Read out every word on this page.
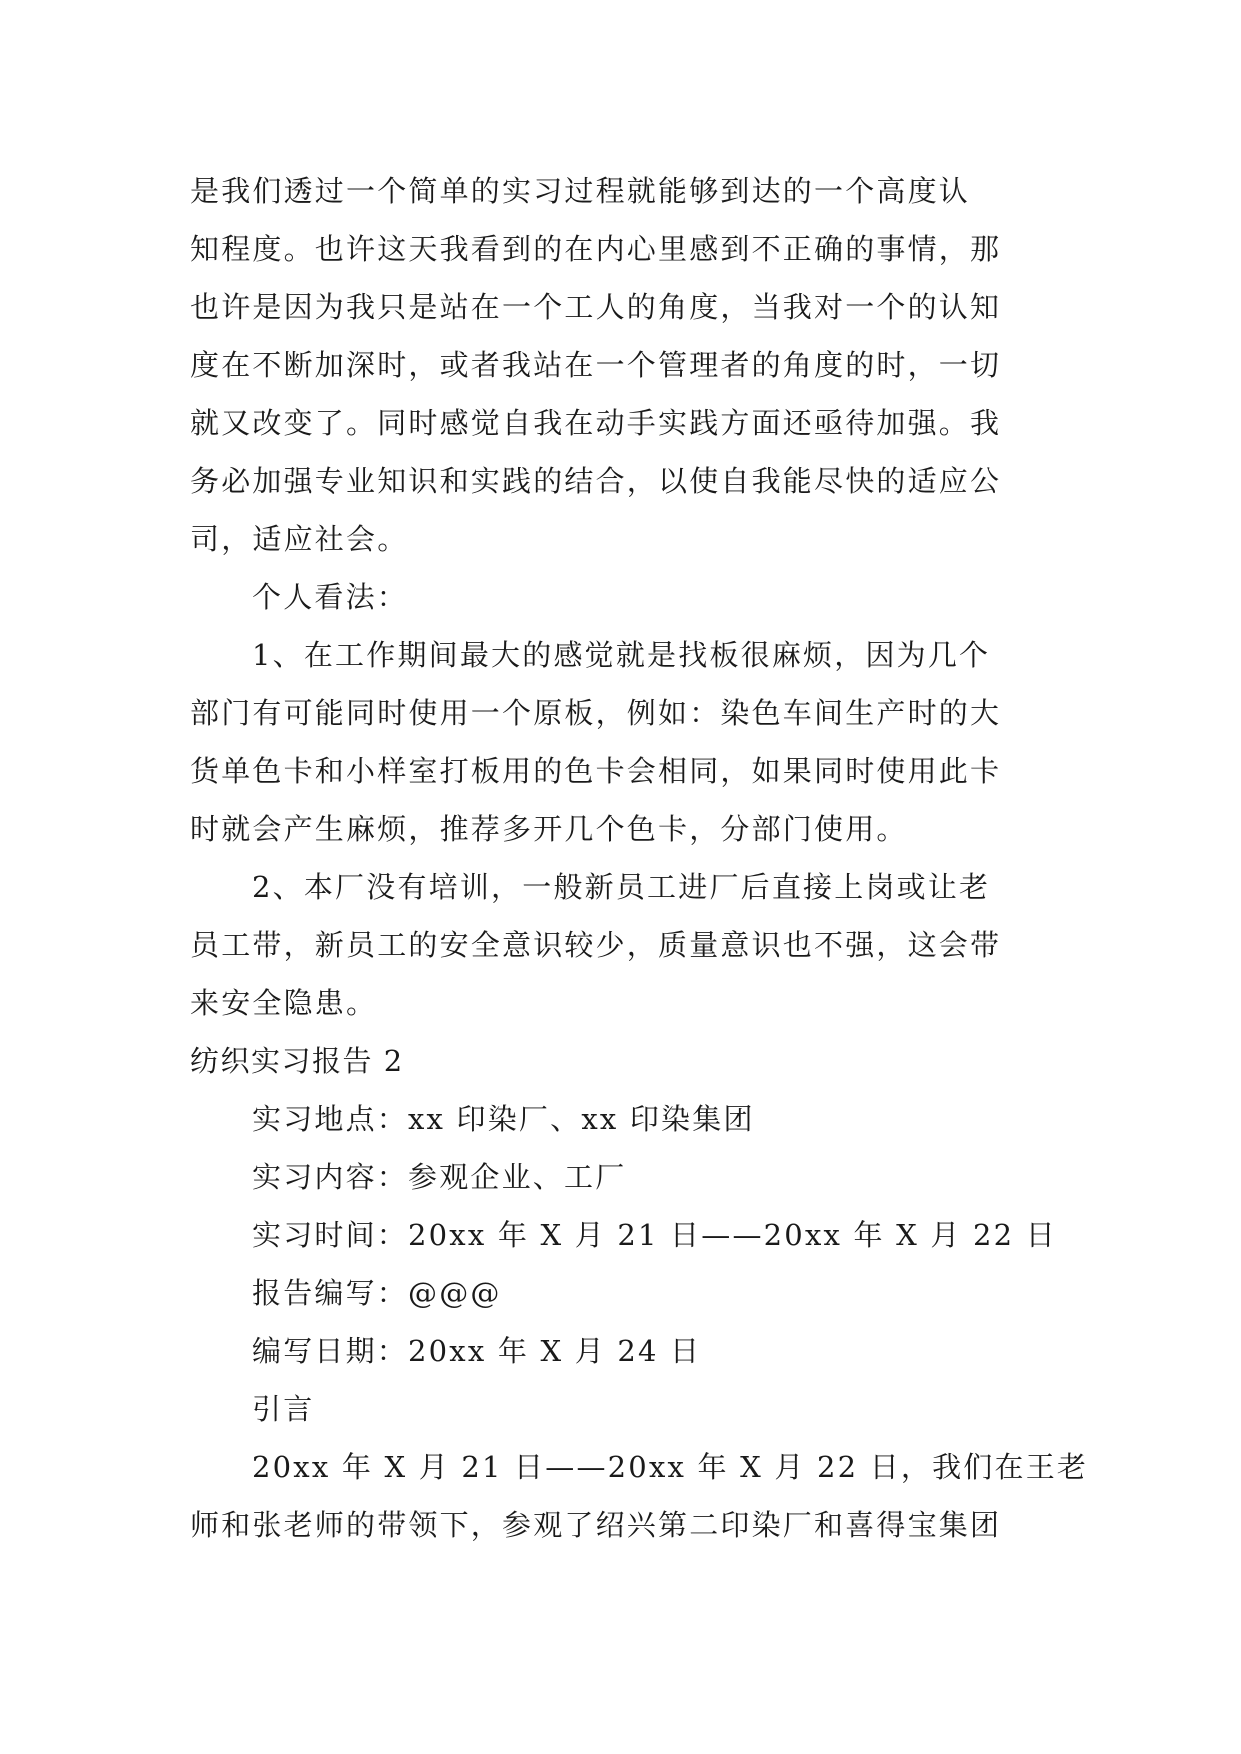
是我们透过一个简单的实习过程就能够到达的一个高度认
知程度。也许这天我看到的在内心里感到不正确的事情，那
也许是因为我只是站在一个工人的角度，当我对一个的认知
度在不断加深时，或者我站在一个管理者的角度的时，一切
就又改变了。同时感觉自我在动手实践方面还亟待加强。我
务必加强专业知识和实践的结合，以使自我能尽快的适应公
司，适应社会。
个人看法：
1、在工作期间最大的感觉就是找板很麻烦，因为几个
部门有可能同时使用一个原板，例如：染色车间生产时的大
货单色卡和小样室打板用的色卡会相同，如果同时使用此卡
时就会产生麻烦，推荐多开几个色卡，分部门使用。
2、本厂没有培训，一般新员工进厂后直接上岗或让老
员工带，新员工的安全意识较少，质量意识也不强，这会带
来安全隐患。
纺织实习报告 2
实习地点：xx 印染厂、xx 印染集团
实习内容：参观企业、工厂
实习时间：20xx 年 X 月 21 日——20xx 年 X 月 22 日
报告编写：@@@
编写日期：20xx 年 X 月 24 日
引言
20xx 年 X 月 21 日——20xx 年 X 月 22 日，我们在王老
师和张老师的带领下，参观了绍兴第二印染厂和喜得宝集团
